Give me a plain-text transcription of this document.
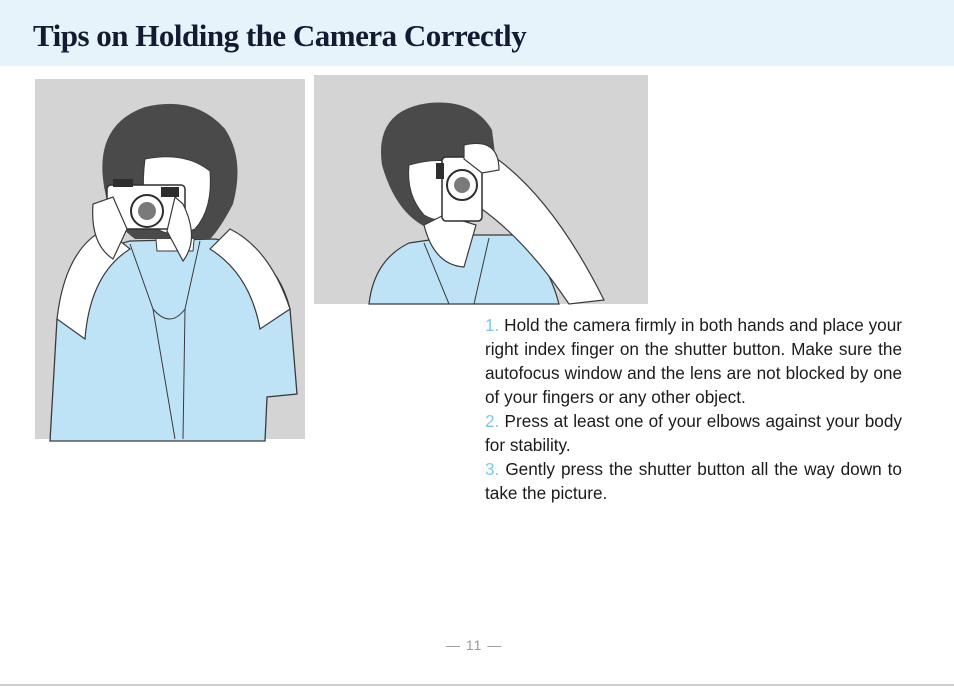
Tips on Holding the Camera Correctly

1. Hold the camera firmly in both hands and place your right index finger on the shutter button. Make sure the autofocus window and the lens are not blocked by one of your fingers or any other object.

2. Press at least one of your elbows against your body for stability.

3. Gently press the shutter button all the way down to take the picture.

— 11 —
